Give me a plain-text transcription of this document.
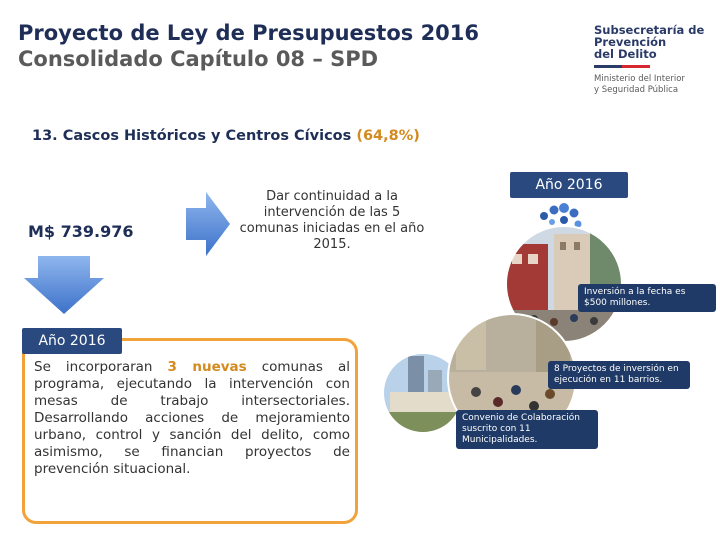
Proyecto de Ley de Presupuestos 2016
Consolidado Capítulo 08 – SPD
Subsecretaría de
Prevención
del Delito
Ministerio del Interior
y Seguridad Pública
13. Cascos Históricos y Centros Cívicos (64,8%)
M$ 739.976
Dar continuidad a la intervención de las 5 comunas iniciadas en el año 2015.
Año 2016
Año 2016
Se incorporaran 3 nuevas comunas al programa, ejecutando la intervención con mesas de trabajo intersectoriales. Desarrollando acciones de mejoramiento urbano, control y sanción del delito, como asimismo, se financian proyectos de prevención situacional.
Inversión a la fecha es $500 millones.
8 Proyectos de inversión en ejecución en 11 barrios.
Convenio de Colaboración suscrito con 11 Municipalidades.
